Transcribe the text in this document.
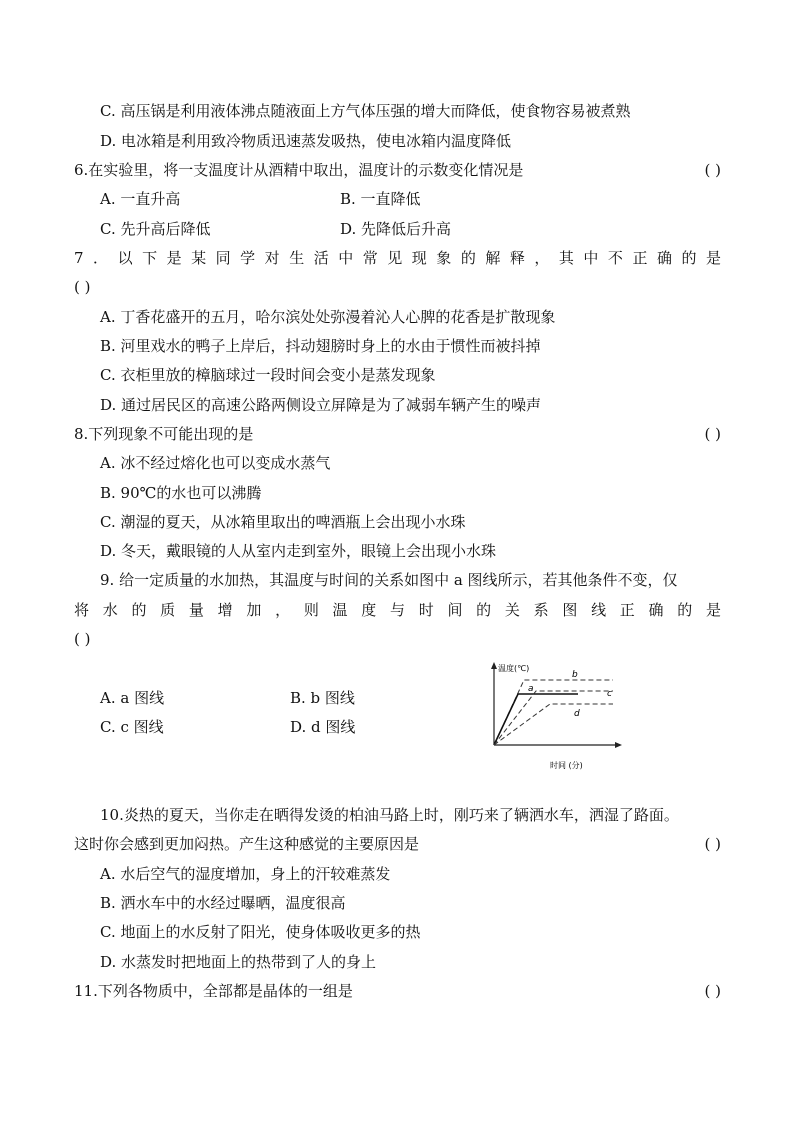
C. 高压锅是利用液体沸点随液面上方气体压强的增大而降低，使食物容易被煮熟
D. 电冰箱是利用致冷物质迅速蒸发吸热，使电冰箱内温度降低
6.在实验里，将一支温度计从酒精中取出，温度计的示数变化情况是	( )
A. 一直升高	B. 一直降低
C. 先升高后降低	D. 先降低后升高
7．以下是某同学对生活中常见现象的解释，其中不正确的是
( )
A. 丁香花盛开的五月，哈尔滨处处弥漫着沁人心脾的花香是扩散现象
B. 河里戏水的鸭子上岸后，抖动翅膀时身上的水由于惯性而被抖掉
C. 衣柜里放的樟脑球过一段时间会变小是蒸发现象
D. 通过居民区的高速公路两侧设立屏障是为了减弱车辆产生的噪声
8.下列现象不可能出现的是	( )
A. 冰不经过熔化也可以变成水蒸气
B. 90℃的水也可以沸腾
C. 潮湿的夏天，从冰箱里取出的啤酒瓶上会出现小水珠
D. 冬天，戴眼镜的人从室内走到室外，眼镜上会出现小水珠
9. 给一定质量的水加热，其温度与时间的关系如图中 a 图线所示，若其他条件不变，仅
将水的质量增加，则温度与时间的关系图线正确的是
( )
A. a 图线	B. b 图线
C. c 图线	D. d 图线
温度(℃)
时间 (分)
b
a	c
d
10.炎热的夏天，当你走在晒得发烫的柏油马路上时，刚巧来了辆洒水车，洒湿了路面。
这时你会感到更加闷热。产生这种感觉的主要原因是	( )
A. 水后空气的湿度增加，身上的汗较难蒸发
B. 洒水车中的水经过曝晒，温度很高
C. 地面上的水反射了阳光，使身体吸收更多的热
D. 水蒸发时把地面上的热带到了人的身上
11.下列各物质中，全部都是晶体的一组是	( )
